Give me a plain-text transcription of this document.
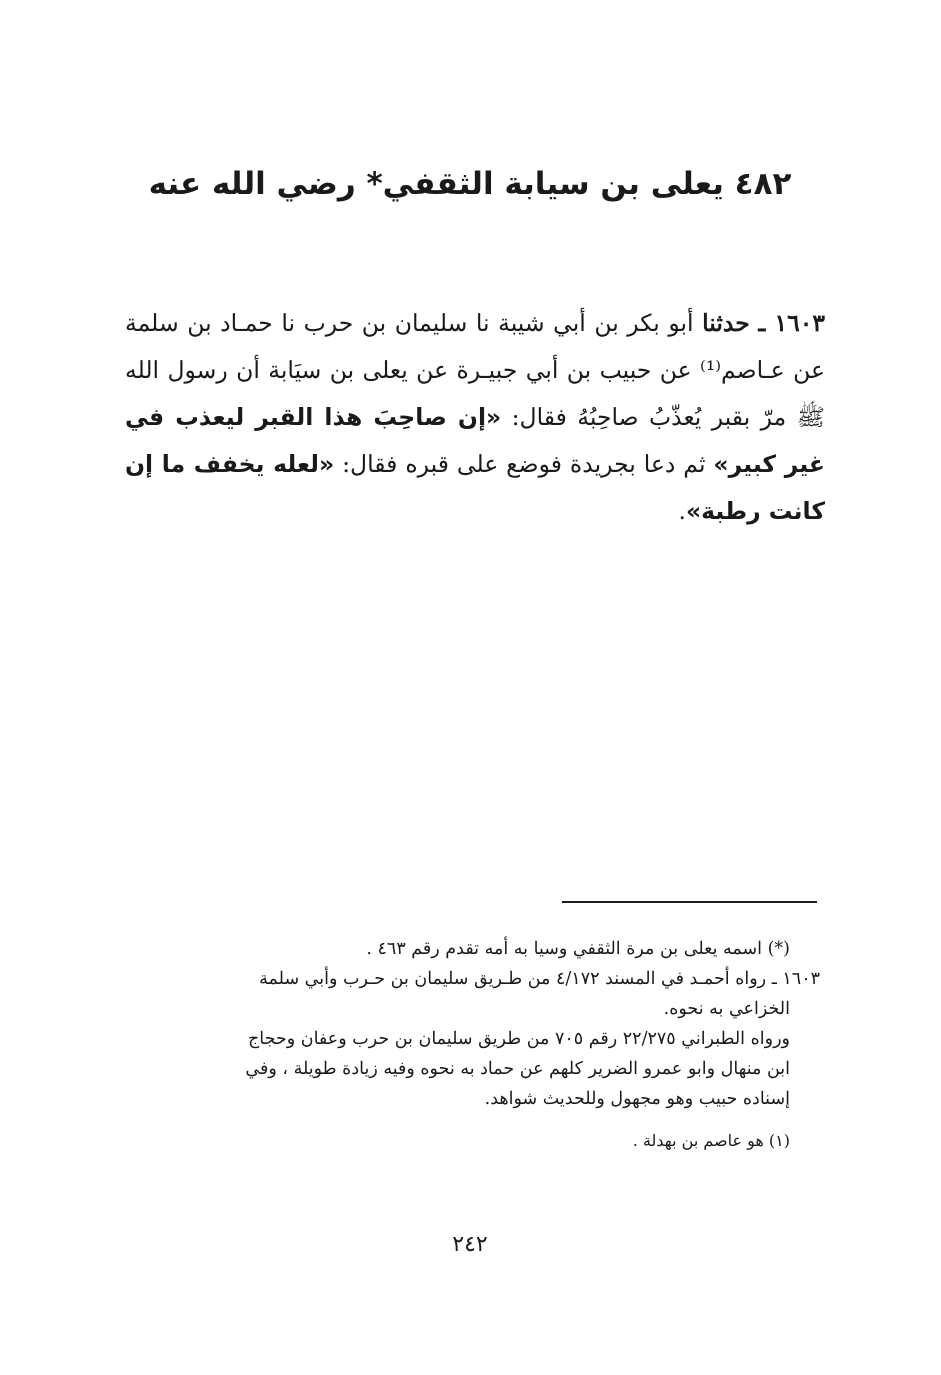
٤٨٢ يعلى بن سيابة الثقفي* رضي الله عنه
١٦٠٣ ـ حدثنا أبو بكر بن أبي شيبة نا سليمان بن حرب نا حمـاد بن سلمة عن عـاصم⁽¹⁾ عن حبيب بن أبي جبيـرة عن يعلى بن سيَابة أن رسول الله ﷺ مرّ بقبر يُعذّبُ صاحِبُهُ فقال: «إن صاحِبَ هذا القبر ليعذب في غير كبير» ثم دعا بجريدة فوضع على قبره فقال: «لعله يخفف ما إن كانت رطبة».
(*) اسمه يعلى بن مرة الثقفي وسيا به أمه تقدم رقم ٤٦٣ .
١٦٠٣ ـ رواه أحمـد في المسند ٤/١٧٢ من طـريق سليمان بن حـرب وأبي سلمة
الخزاعي به نحوه.
ورواه الطبراني ٢٢/٢٧٥ رقم ٧٠٥ من طريق سليمان بن حرب وعفان وحجاج
ابن منهال وابو عمرو الضرير كلهم عن حماد به نحوه وفيه زيادة طويلة ، وفي
إسناده حبيب وهو مجهول وللحديث شواهد.
(١) هو عاصم بن بهدلة .
٢٤٢
